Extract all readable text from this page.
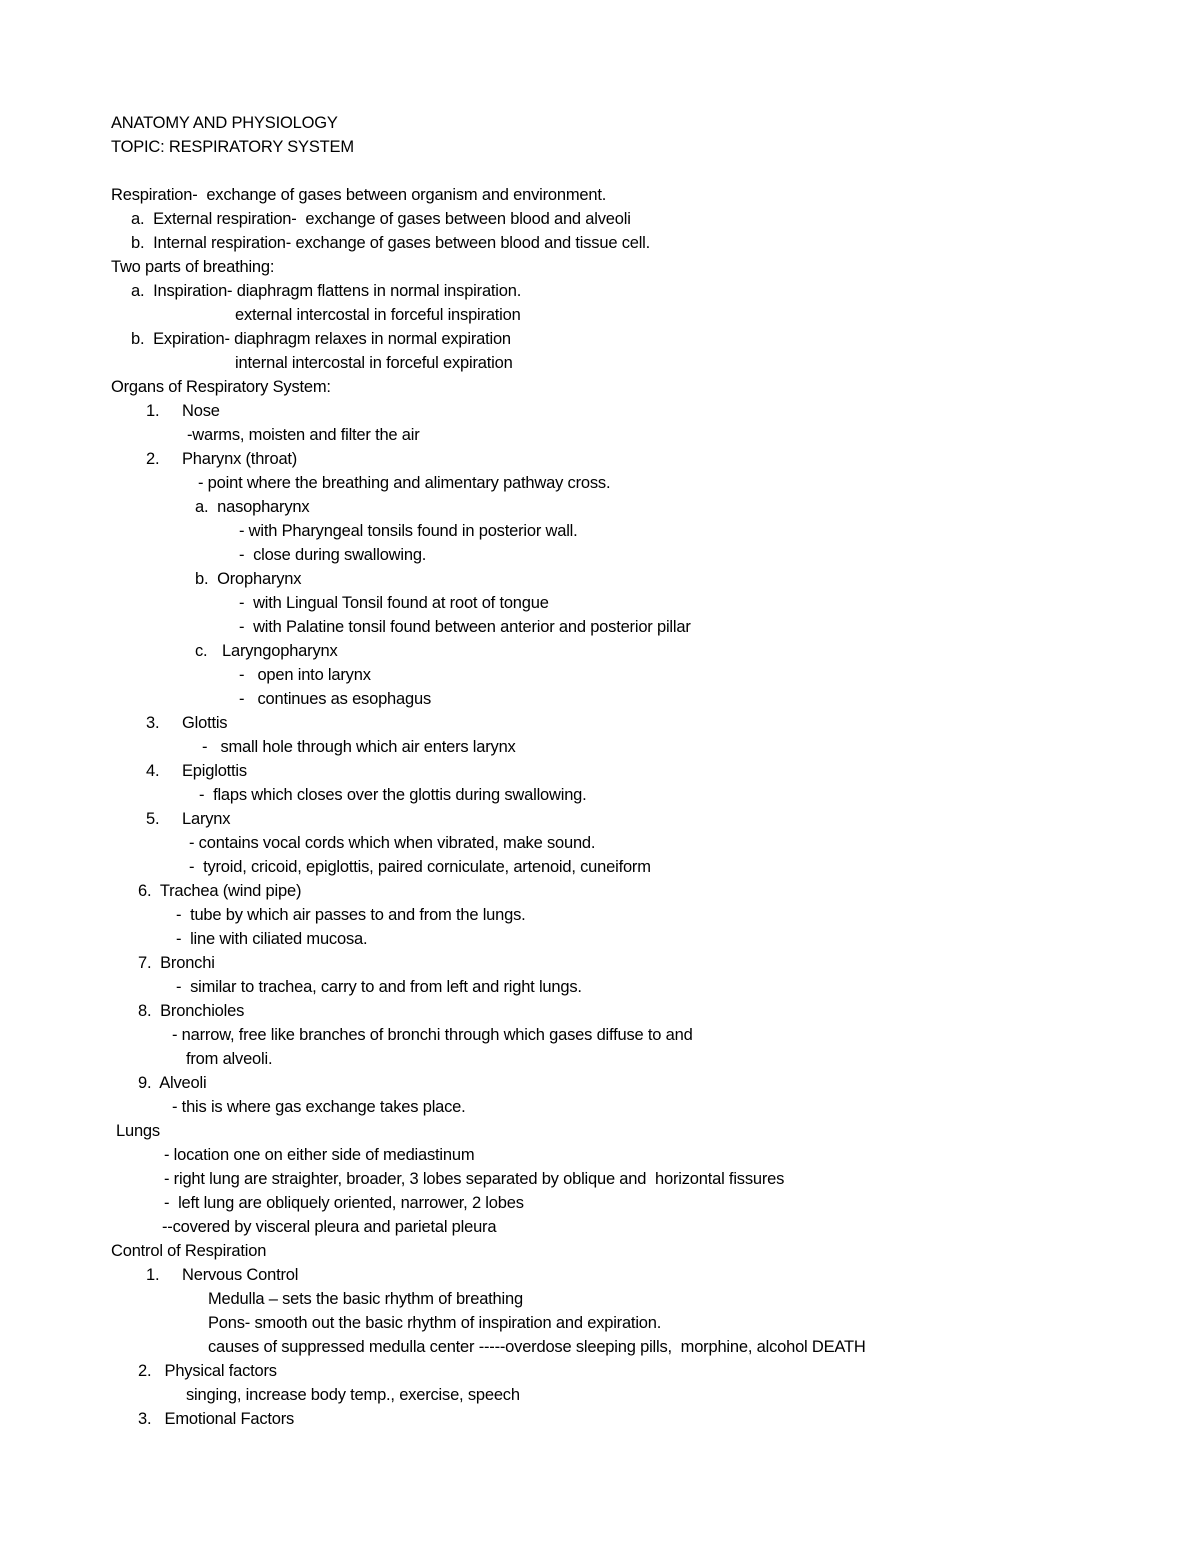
ANATOMY AND PHYSIOLOGY

TOPIC: RESPIRATORY SYSTEM

Respiration-  exchange of gases between organism and environment.

a.  External respiration-  exchange of gases between blood and alveoli

b.  Internal respiration- exchange of gases between blood and tissue cell.

Two parts of breathing:

a.  Inspiration- diaphragm flattens in normal inspiration.

external intercostal in forceful inspiration

b.  Expiration- diaphragm relaxes in normal expiration

internal intercostal in forceful expiration

Organs of Respiratory System:

1. Nose

-warms, moisten and filter the air

2. Pharynx (throat)

- point where the breathing and alimentary pathway cross.

a.  nasopharynx

- with Pharyngeal tonsils found in posterior wall.

-  close during swallowing.

b.  Oropharynx

-  with Lingual Tonsil found at root of tongue

-  with Palatine tonsil found between anterior and posterior pillar

c. Laryngopharynx

-   open into larynx

-   continues as esophagus

3. Glottis

-   small hole through which air enters larynx

4. Epiglottis

-  flaps which closes over the glottis during swallowing.

5. Larynx

- contains vocal cords which when vibrated, make sound.

-  tyroid, cricoid, epiglottis, paired corniculate, artenoid, cuneiform

6.  Trachea (wind pipe)

-  tube by which air passes to and from the lungs.

-  line with ciliated mucosa.

7.  Bronchi

-  similar to trachea, carry to and from left and right lungs.

8.  Bronchioles

- narrow, free like branches of bronchi through which gases diffuse to and

from alveoli.

9.  Alveoli

- this is where gas exchange takes place.

Lungs

- location one on either side of mediastinum

- right lung are straighter, broader, 3 lobes separated by oblique and  horizontal fissures

-  left lung are obliquely oriented, narrower, 2 lobes

--covered by visceral pleura and parietal pleura

Control of Respiration

1. Nervous Control

Medulla – sets the basic rhythm of breathing

Pons- smooth out the basic rhythm of inspiration and expiration.

causes of suppressed medulla center -----overdose sleeping pills,  morphine, alcohol DEATH

2.   Physical factors

singing, increase body temp., exercise, speech

3.   Emotional Factors
